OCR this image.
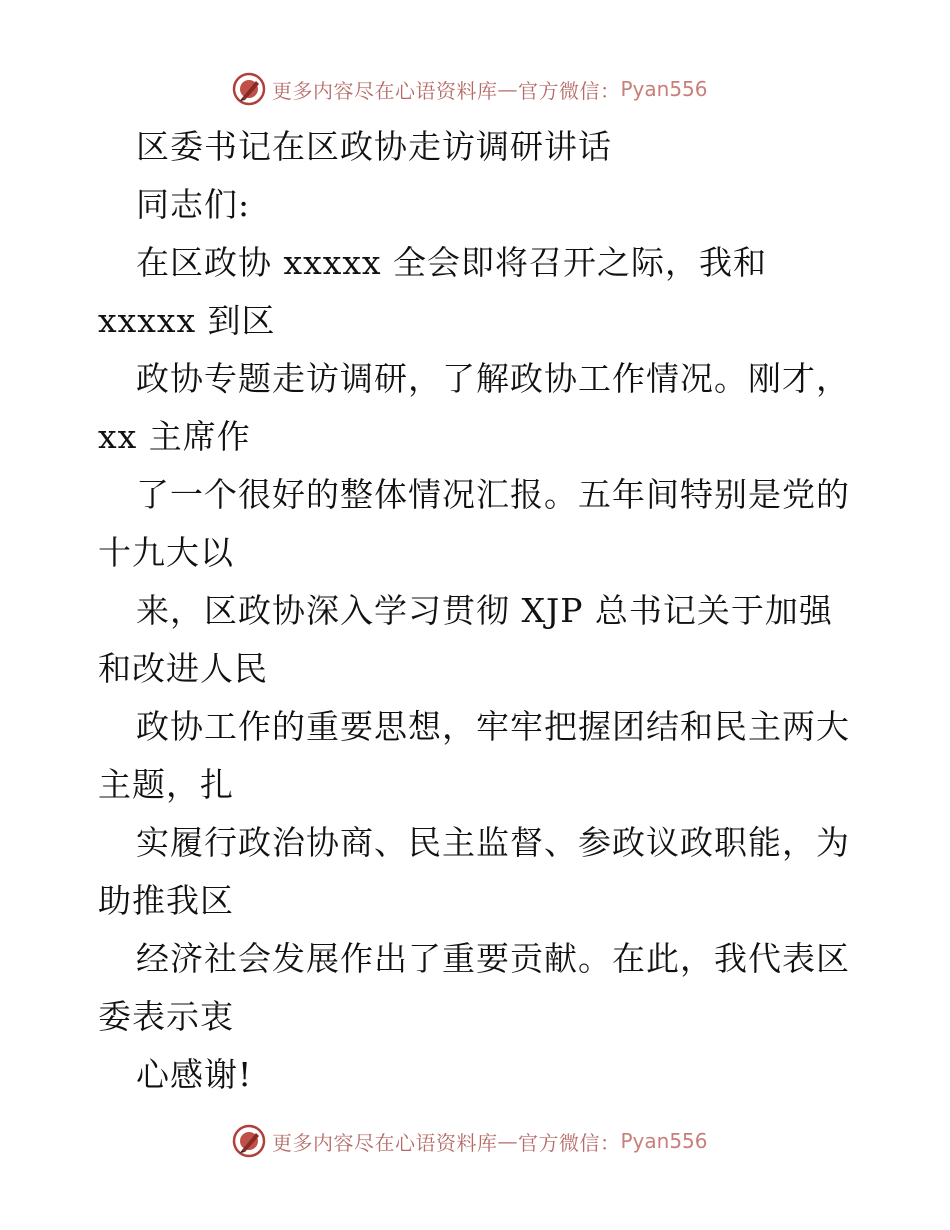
更多内容尽在心语资料库 — 官方微信： Pyan556
区委书记在区政协走访调研讲话
同志们:
在区政协 xxxxx 全会即将召开之际，我和
xxxxx 到区
政协专题走访调研，了解政协工作情况。刚才，
xx 主席作
了一个很好的整体情况汇报。五年间特别是党的
十九大以
来，区政协深入学习贯彻 XJP 总书记关于加强
和改进人民
政协工作的重要思想，牢牢把握团结和民主两大
主题，扎
实履行政治协商、民主监督、参政议政职能，为
助推我区
经济社会发展作出了重要贡献。在此，我代表区
委表示衷
心感谢!
更多内容尽在心语资料库 — 官方微信： Pyan556
